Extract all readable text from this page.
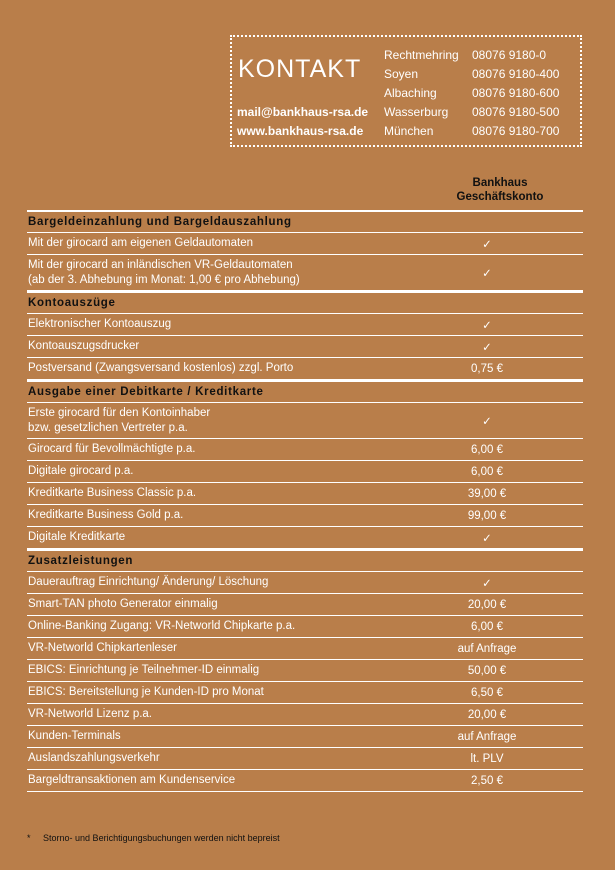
KONTAKT
mail@bankhaus-rsa.de
www.bankhaus-rsa.de
Rechtmehring	08076 9180-0
Soyen	08076 9180-400
Albaching	08076 9180-600
Wasserburg	08076 9180-500
München	08076 9180-700
Bankhaus
Geschäftskonto
Bargeldeinzahlung und Bargeldauszahlung
Mit der girocard am eigenen Geldautomaten	✓
Mit der girocard an inländischen VR-Geldautomaten
(ab der 3. Abhebung im Monat: 1,00 € pro Abhebung)	✓
Kontoauszüge
Elektronischer Kontoauszug	✓
Kontoauszugsdrucker	✓
Postversand (Zwangsversand kostenlos) zzgl. Porto	0,75 €
Ausgabe einer Debitkarte / Kreditkarte
Erste girocard für den Kontoinhaber
bzw. gesetzlichen Vertreter p.a.	✓
Girocard für Bevollmächtigte p.a.	6,00 €
Digitale girocard p.a.	6,00 €
Kreditkarte Business Classic p.a.	39,00 €
Kreditkarte Business Gold p.a.	99,00 €
Digitale Kreditkarte	✓
Zusatzleistungen
Dauerauftrag Einrichtung/ Änderung/ Löschung	✓
Smart-TAN photo Generator einmalig	20,00 €
Online-Banking Zugang: VR-Networld Chipkarte p.a.	6,00 €
VR-Networld Chipkartenleser	auf Anfrage
EBICS: Einrichtung je Teilnehmer-ID einmalig	50,00 €
EBICS: Bereitstellung je Kunden-ID pro Monat	6,50 €
VR-Networld Lizenz p.a.	20,00 €
Kunden-Terminals	auf Anfrage
Auslandszahlungsverkehr	lt. PLV
Bargeldtransaktionen am Kundenservice	2,50 €
* Storno- und Berichtigungsbuchungen werden nicht bepreist
